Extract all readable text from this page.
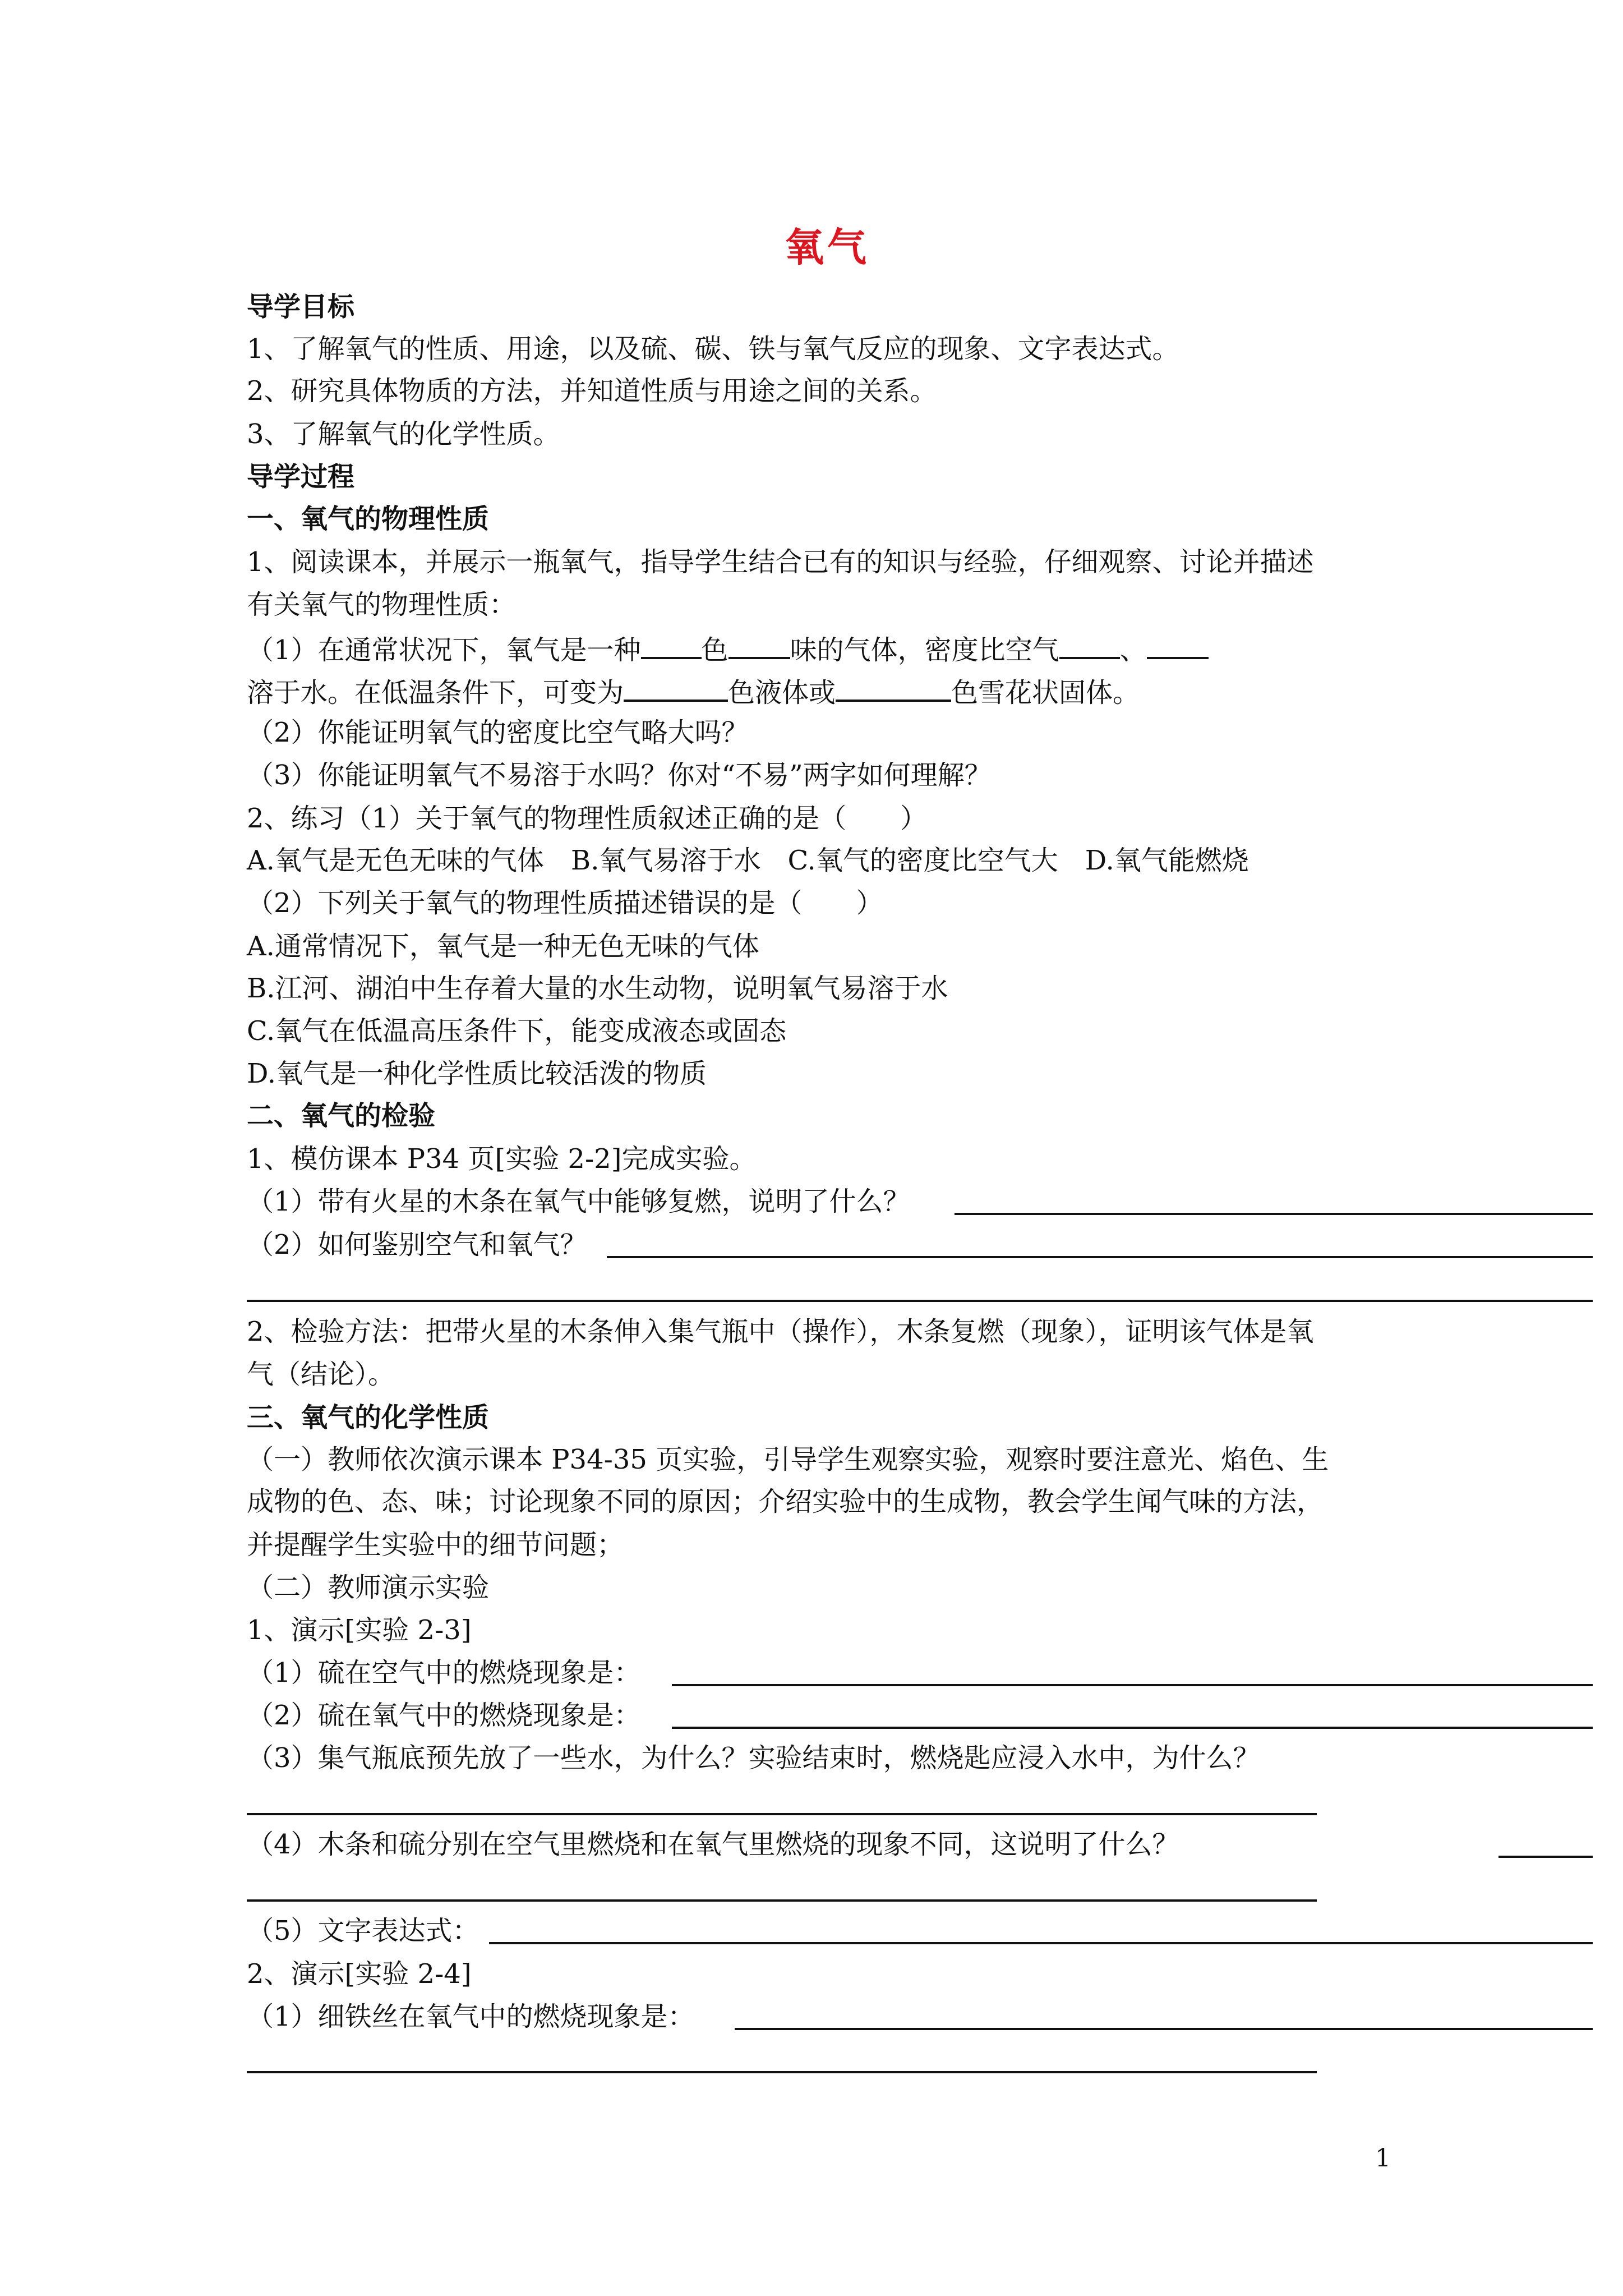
氧气
导学目标
1、了解氧气的性质、用途，以及硫、碳、铁与氧气反应的现象、文字表达式。
2、研究具体物质的方法，并知道性质与用途之间的关系。
3、了解氧气的化学性质。
导学过程
一、氧气的物理性质
1、阅读课本，并展示一瓶氧气，指导学生结合已有的知识与经验，仔细观察、讨论并描述
有关氧气的物理性质：
（1）在通常状况下，氧气是一种 色 味的气体，密度比空气 、
溶于水。在低温条件下，可变为	色液体或	色雪花状固体。
（2）你能证明氧气的密度比空气略大吗？
（3）你能证明氧气不易溶于水吗？你对“不易”两字如何理解？
2、练习（1）关于氧气的物理性质叙述正确的是（　　）
A.氧气是无色无味的气体　B.氧气易溶于水　C.氧气的密度比空气大　D.氧气能燃烧
（2）下列关于氧气的物理性质描述错误的是（　　）
A.通常情况下，氧气是一种无色无味的气体
B.江河、湖泊中生存着大量的水生动物，说明氧气易溶于水
C.氧气在低温高压条件下，能变成液态或固态
D.氧气是一种化学性质比较活泼的物质
二、氧气的检验
1、模仿课本 P34 页[实验 2-2]完成实验。
（1）带有火星的木条在氧气中能够复燃，说明了什么？
（2）如何鉴别空气和氧气？
2、检验方法：把带火星的木条伸入集气瓶中（操作），木条复燃（现象），证明该气体是氧
气（结论）。
三、氧气的化学性质
（一）教师依次演示课本 P34-35 页实验，引导学生观察实验，观察时要注意光、焰色、生
成物的色、态、味；讨论现象不同的原因；介绍实验中的生成物，教会学生闻气味的方法，
并提醒学生实验中的细节问题；
（二）教师演示实验
1、演示[实验 2-3]
（1）硫在空气中的燃烧现象是：
（2）硫在氧气中的燃烧现象是：
（3）集气瓶底预先放了一些水，为什么？实验结束时，燃烧匙应浸入水中，为什么？
（4）木条和硫分别在空气里燃烧和在氧气里燃烧的现象不同，这说明了什么？
（5）文字表达式：
2、演示[实验 2-4]
（1）细铁丝在氧气中的燃烧现象是：
1
